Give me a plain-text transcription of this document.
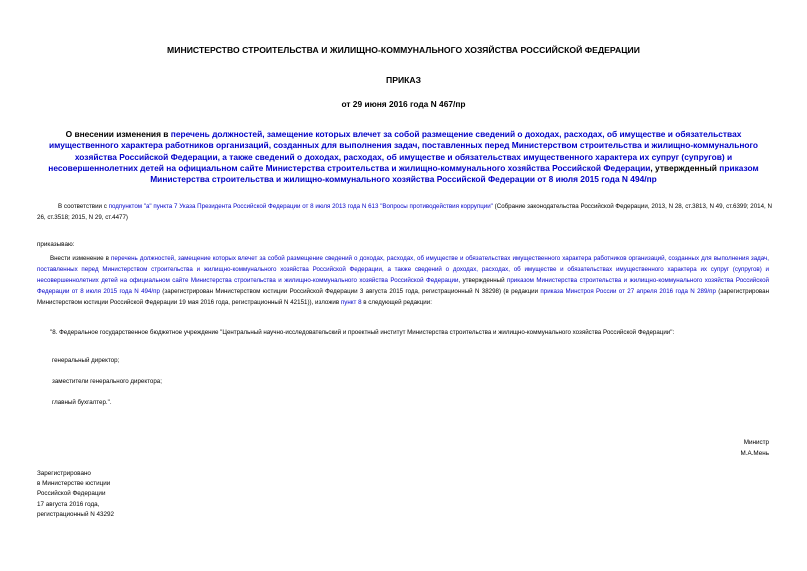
МИНИСТЕРСТВО СТРОИТЕЛЬСТВА И ЖИЛИЩНО-КОММУНАЛЬНОГО ХОЗЯЙСТВА РОССИЙСКОЙ ФЕДЕРАЦИИ
ПРИКАЗ
от 29 июня 2016 года N 467/пр
О внесении изменения в перечень должностей, замещение которых влечет за собой размещение сведений о доходах, расходах, об имуществе и обязательствах имущественного характера работников организаций, созданных для выполнения задач, поставленных перед Министерством строительства и жилищно-коммунального хозяйства Российской Федерации, а также сведений о доходах, расходах, об имуществе и обязательствах имущественного характера их супруг (супругов) и несовершеннолетних детей на официальном сайте Министерства строительства и жилищно-коммунального хозяйства Российской Федерации, утвержденный приказом Министерства строительства и жилищно-коммунального хозяйства Российской Федерации от 8 июля 2015 года N 494/пр
В соответствии с подпунктом "а" пункта 7 Указа Президента Российской Федерации от 8 июля 2013 года N 613 "Вопросы противодействия коррупции" (Собрание законодательства Российской Федерации, 2013, N 28, ст.3813, N 49, ст.6399; 2014, N 26, ст.3518; 2015, N 29, ст.4477)
приказываю:
Внести изменение в перечень должностей, замещение которых влечет за собой размещение сведений о доходах, расходах, об имуществе и обязательствах имущественного характера работников организаций, созданных для выполнения задач, поставленных перед Министерством строительства и жилищно-коммунального хозяйства Российской Федерации, а также сведений о доходах, расходах, об имуществе и обязательствах имущественного характера их супруг (супругов) и несовершеннолетних детей на официальном сайте Министерства строительства и жилищно-коммунального хозяйства Российской Федерации, утвержденный приказом Министерства строительства и жилищно-коммунального хозяйства Российской Федерации от 8 июля 2015 года N 494/пр (зарегистрирован Министерством юстиции Российской Федерации 3 августа 2015 года, регистрационный N 38298) (в редакции приказа Минстроя России от 27 апреля 2016 года N 289/пр (зарегистрирован Министерством юстиции Российской Федерации 19 мая 2016 года, регистрационный N 42151)), изложив пункт 8 в следующей редакции:
"8. Федеральное государственное бюджетное учреждение "Центральный научно-исследовательский и проектный институт Министерства строительства и жилищно-коммунального хозяйства Российской Федерации":
генеральный директор;
заместители генерального директора;
главный бухгалтер.".
Министр
М.А.Мень
Зарегистрировано
в Министерстве юстиции
Российской Федерации
17 августа 2016 года,
регистрационный N 43292
